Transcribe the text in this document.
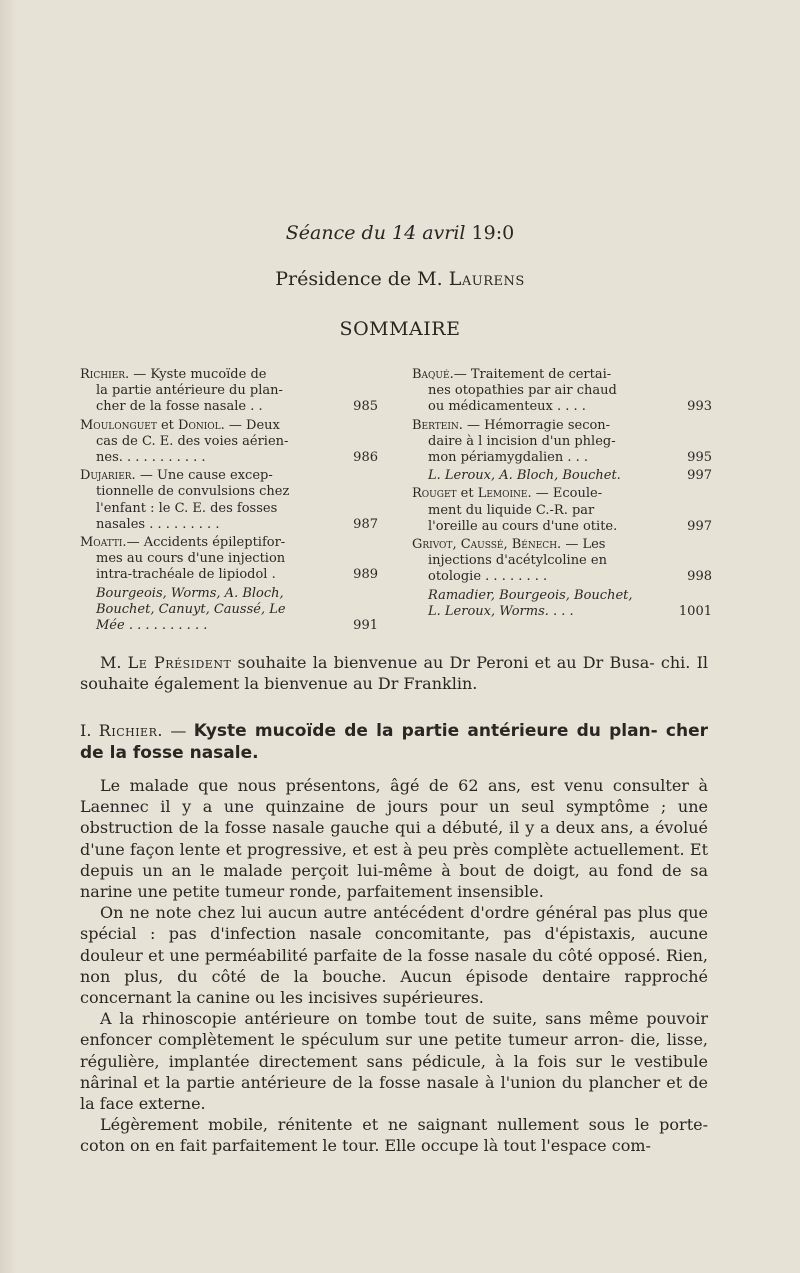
Séance du 14 avril 19:0
Présidence de M. Laurens
SOMMAIRE
Richier. — Kyste mucoïde de
la partie antérieure du plan-
cher de la fosse nasale . .	985
Moulonguet et Doniol. — Deux
cas de C. E. des voies aérien-
nes. . . . . . . . . . .	986
Dujarier. — Une cause excep-
tionnelle de convulsions chez
l'enfant : le C. E. des fosses
nasales . . . . . . . . .	987
Moatti.— Accidents épileptifor-
mes au cours d'une injection
intra-trachéale de lipiodol .	989
Bourgeois, Worms, A. Bloch,
Bouchet, Canuyt, Caussé, Le
Mée . . . . . . . . . .	991
Baqué.— Traitement de certai-
nes otopathies par air chaud
ou médicamenteux . . . .	993
Bertein. — Hémorragie secon-
daire à l incision d'un phleg-
mon périamygdalien . . .	995
L. Leroux, A. Bloch, Bouchet.	997
Rouget et Lemoine. — Ecoule-
ment du liquide C.-R. par
l'oreille au cours d'une otite.	997
Grivot, Caussé, Bénech. — Les
injections d'acétylcoline en
otologie . . . . . . . .	998
Ramadier, Bourgeois, Bouchet,
L. Leroux, Worms. . . .	1001

M. Le Président souhaite la bienvenue au Dr Peroni et au Dr Busa- chi. Il souhaite également la bienvenue au Dr Franklin.

I. Richier. — Kyste mucoïde de la partie antérieure du plan- cher de la fosse nasale.

Le malade que nous présentons, âgé de 62 ans, est venu consulter à Laennec il y a une quinzaine de jours pour un seul symptôme ; une obstruction de la fosse nasale gauche qui a débuté, il y a deux ans, a évolué d'une façon lente et progressive, et est à peu près complète actuellement. Et depuis un an le malade perçoit lui-même à bout de doigt, au fond de sa narine une petite tumeur ronde, parfaitement insensible.

On ne note chez lui aucun autre antécédent d'ordre général pas plus que spécial : pas d'infection nasale concomitante, pas d'épistaxis, aucune douleur et une perméabilité parfaite de la fosse nasale du côté opposé. Rien, non plus, du côté de la bouche. Aucun épisode dentaire rapproché concernant la canine ou les incisives supérieures.

A la rhinoscopie antérieure on tombe tout de suite, sans même pouvoir enfoncer complètement le spéculum sur une petite tumeur arron- die, lisse, régulière, implantée directement sans pédicule, à la fois sur le vestibule nârinal et la partie antérieure de la fosse nasale à l'union du plancher et de la face externe.

Légèrement mobile, rénitente et ne saignant nullement sous le porte- coton on en fait parfaitement le tour. Elle occupe là tout l'espace com-
